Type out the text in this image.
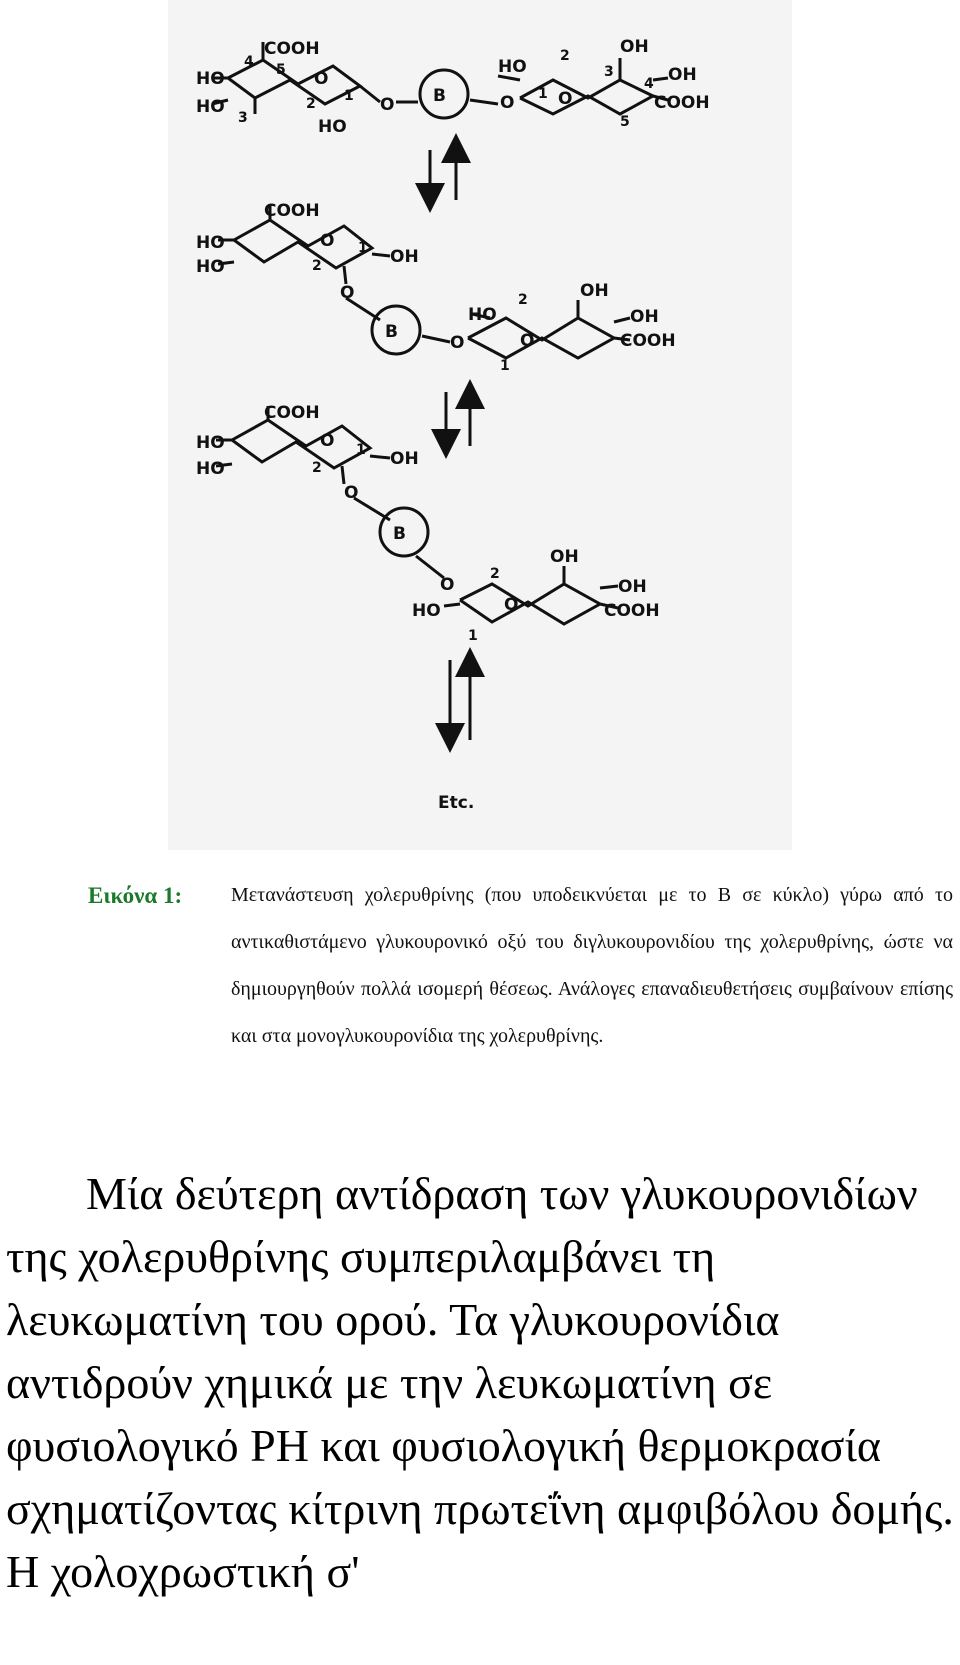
COOH
HO
HO
HO
O
O
4 5
3
2 1	B
HO
O	O
OH
OH
COOH
2
3
4
1
5
COOH
HO
HO
O
OH
O
2
1
B
O
HO
O
OH
OH
COOH
2
1
COOH
HO
HO
O
OH
O
2
1
B
O
HO	O
OH
OH
COOH
2
1
Etc.
Εικόνα 1: Μετανάστευση χολερυθρίνης (που υποδεικνύεται με το Β σε κύκλο) γύρω από το αντικαθιστάμενο γλυκουρονικό οξύ του διγλυκουρονιδίου της χολερυθρίνης, ώστε να δημιουργηθούν πολλά ισομερή θέσεως. Ανάλογες επαναδιευθετήσεις συμβαίνουν επίσης και στα μονογλυκουρονίδια της χολερυθρίνης.

Μία δεύτερη αντίδραση των γλυκουρονιδίων της χολερυθρίνης συμπεριλαμβάνει τη λευκωματίνη του ορού. Τα γλυκουρονίδια αντιδρούν χημικά με την λευκωματίνη σε φυσιολογικό PH και φυσιολογική θερμοκρασία σχηματίζοντας κίτρινη πρωτεΐνη αμφιβόλου δομής. Η χολοχρωστική σ'
